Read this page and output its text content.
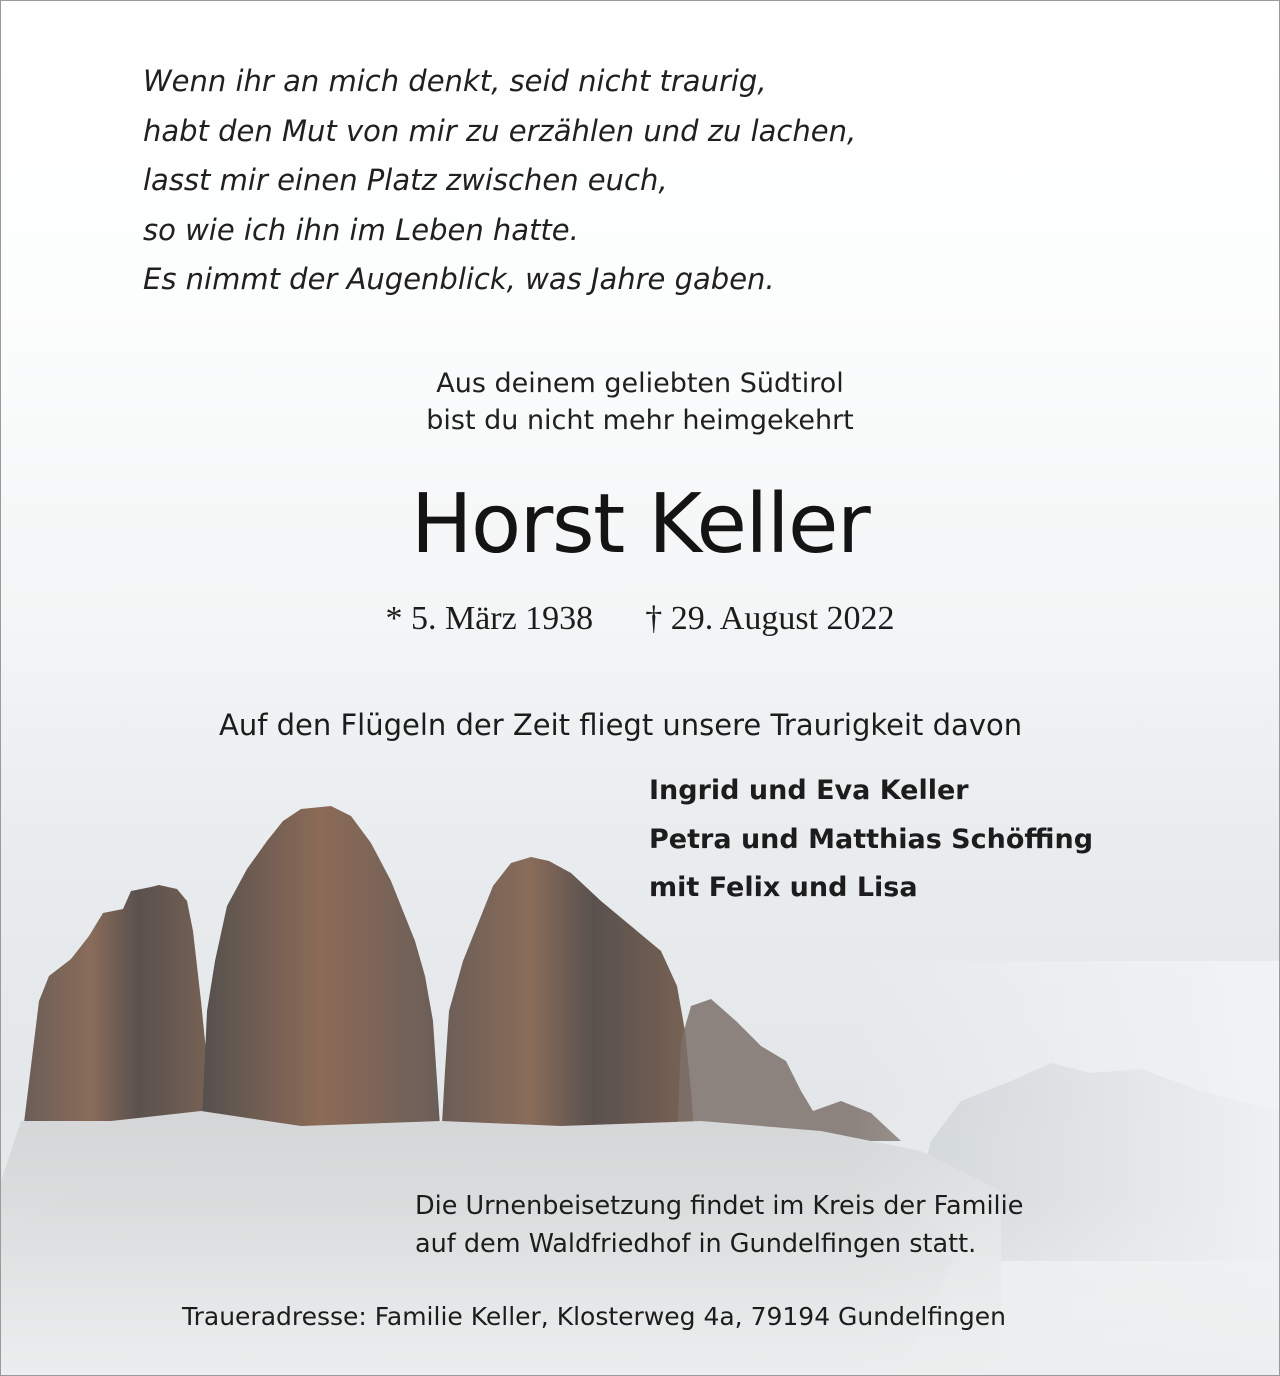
Wenn ihr an mich denkt, seid nicht traurig,
habt den Mut von mir zu erzählen und zu lachen,
lasst mir einen Platz zwischen euch,
so wie ich ihn im Leben hatte.
Es nimmt der Augenblick, was Jahre gaben.
Aus deinem geliebten Südtirol
bist du nicht mehr heimgekehrt
Horst Keller
* 5. März 1938 † 29. August 2022
Auf den Flügeln der Zeit fliegt unsere Traurigkeit davon
Ingrid und Eva Keller
Petra und Matthias Schöffing
mit Felix und Lisa
Die Urnenbeisetzung findet im Kreis der Familie
auf dem Waldfriedhof in Gundelfingen statt.
Traueradresse: Familie Keller, Klosterweg 4a, 79194 Gundelfingen
